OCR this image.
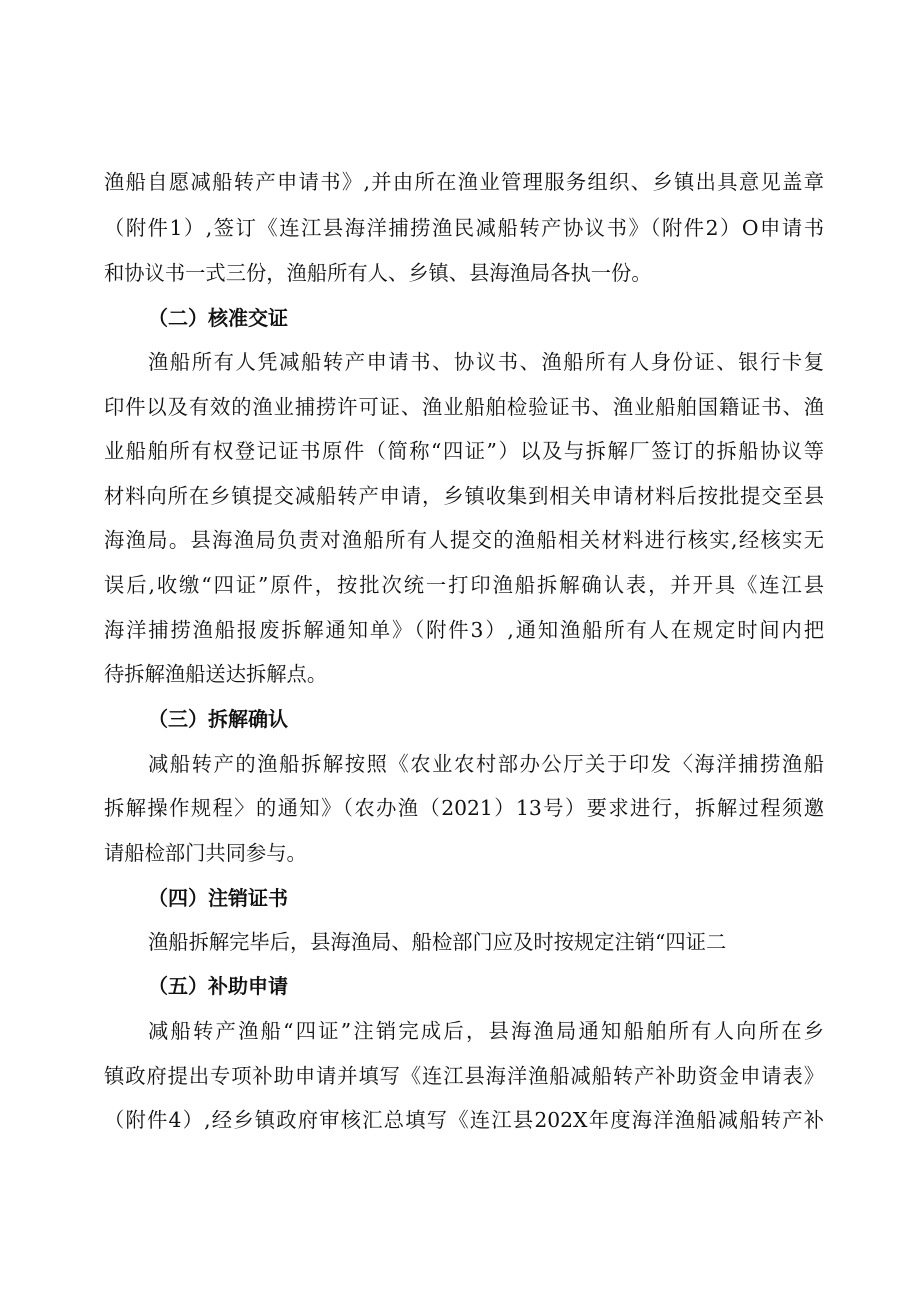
渔船自愿减船转产申请书》,并由所在渔业管理服务组织、乡镇出具意见盖章
（附件1）,签订《连江县海洋捕捞渔民减船转产协议书》（附件2）O申请书
和协议书一式三份，渔船所有人、乡镇、县海渔局各执一份。
（二）核准交证
渔船所有人凭减船转产申请书、协议书、渔船所有人身份证、银行卡复
印件以及有效的渔业捕捞许可证、渔业船舶检验证书、渔业船舶国籍证书、渔
业船舶所有权登记证书原件（简称“四证”）以及与拆解厂签订的拆船协议等
材料向所在乡镇提交减船转产申请，乡镇收集到相关申请材料后按批提交至县
海渔局。县海渔局负责对渔船所有人提交的渔船相关材料进行核实,经核实无
误后,收缴“四证”原件，按批次统一打印渔船拆解确认表，并开具《连江县
海洋捕捞渔船报废拆解通知单》（附件3）,通知渔船所有人在规定时间内把
待拆解渔船送达拆解点。
（三）拆解确认
减船转产的渔船拆解按照《农业农村部办公厅关于印发〈海洋捕捞渔船
拆解操作规程〉的通知》（农办渔（2021）13号）要求进行，拆解过程须邀
请船检部门共同参与。
（四）注销证书
渔船拆解完毕后，县海渔局、船检部门应及时按规定注销“四证二
（五）补助申请
减船转产渔船“四证”注销完成后，县海渔局通知船舶所有人向所在乡
镇政府提出专项补助申请并填写《连江县海洋渔船减船转产补助资金申请表》
（附件4）,经乡镇政府审核汇总填写《连江县202X年度海洋渔船减船转产补
